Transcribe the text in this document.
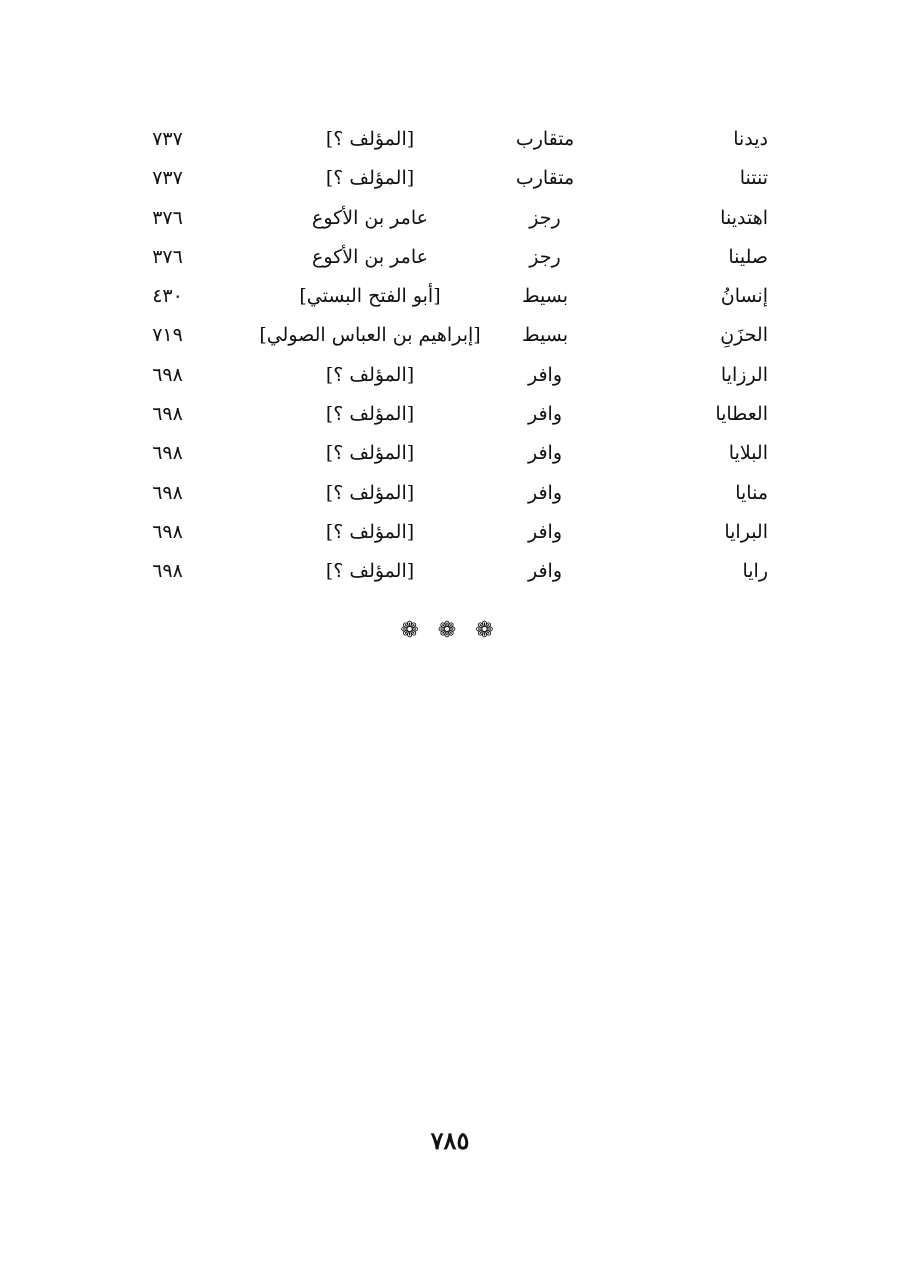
ديدنا
متقارب
[المؤلف ؟]
٧٣٧
تنتنا
متقارب
[المؤلف ؟]
٧٣٧
اهتدينا
رجز
عامر بن الأكوع
٣٧٦
صلينا
رجز
عامر بن الأكوع
٣٧٦
إنسانُ
بسيط
[أبو الفتح البستي]
٤٣٠
الحزَنِ
بسيط
[إبراهيم بن العباس الصولي]
٧١٩
الرزايا
وافر
[المؤلف ؟]
٦٩٨
العطايا
وافر
[المؤلف ؟]
٦٩٨
البلايا
وافر
[المؤلف ؟]
٦٩٨
منايا
وافر
[المؤلف ؟]
٦٩٨
البرايا
وافر
[المؤلف ؟]
٦٩٨
رايا
وافر
[المؤلف ؟]
٦٩٨
❁ ❁ ❁
٧٨٥
